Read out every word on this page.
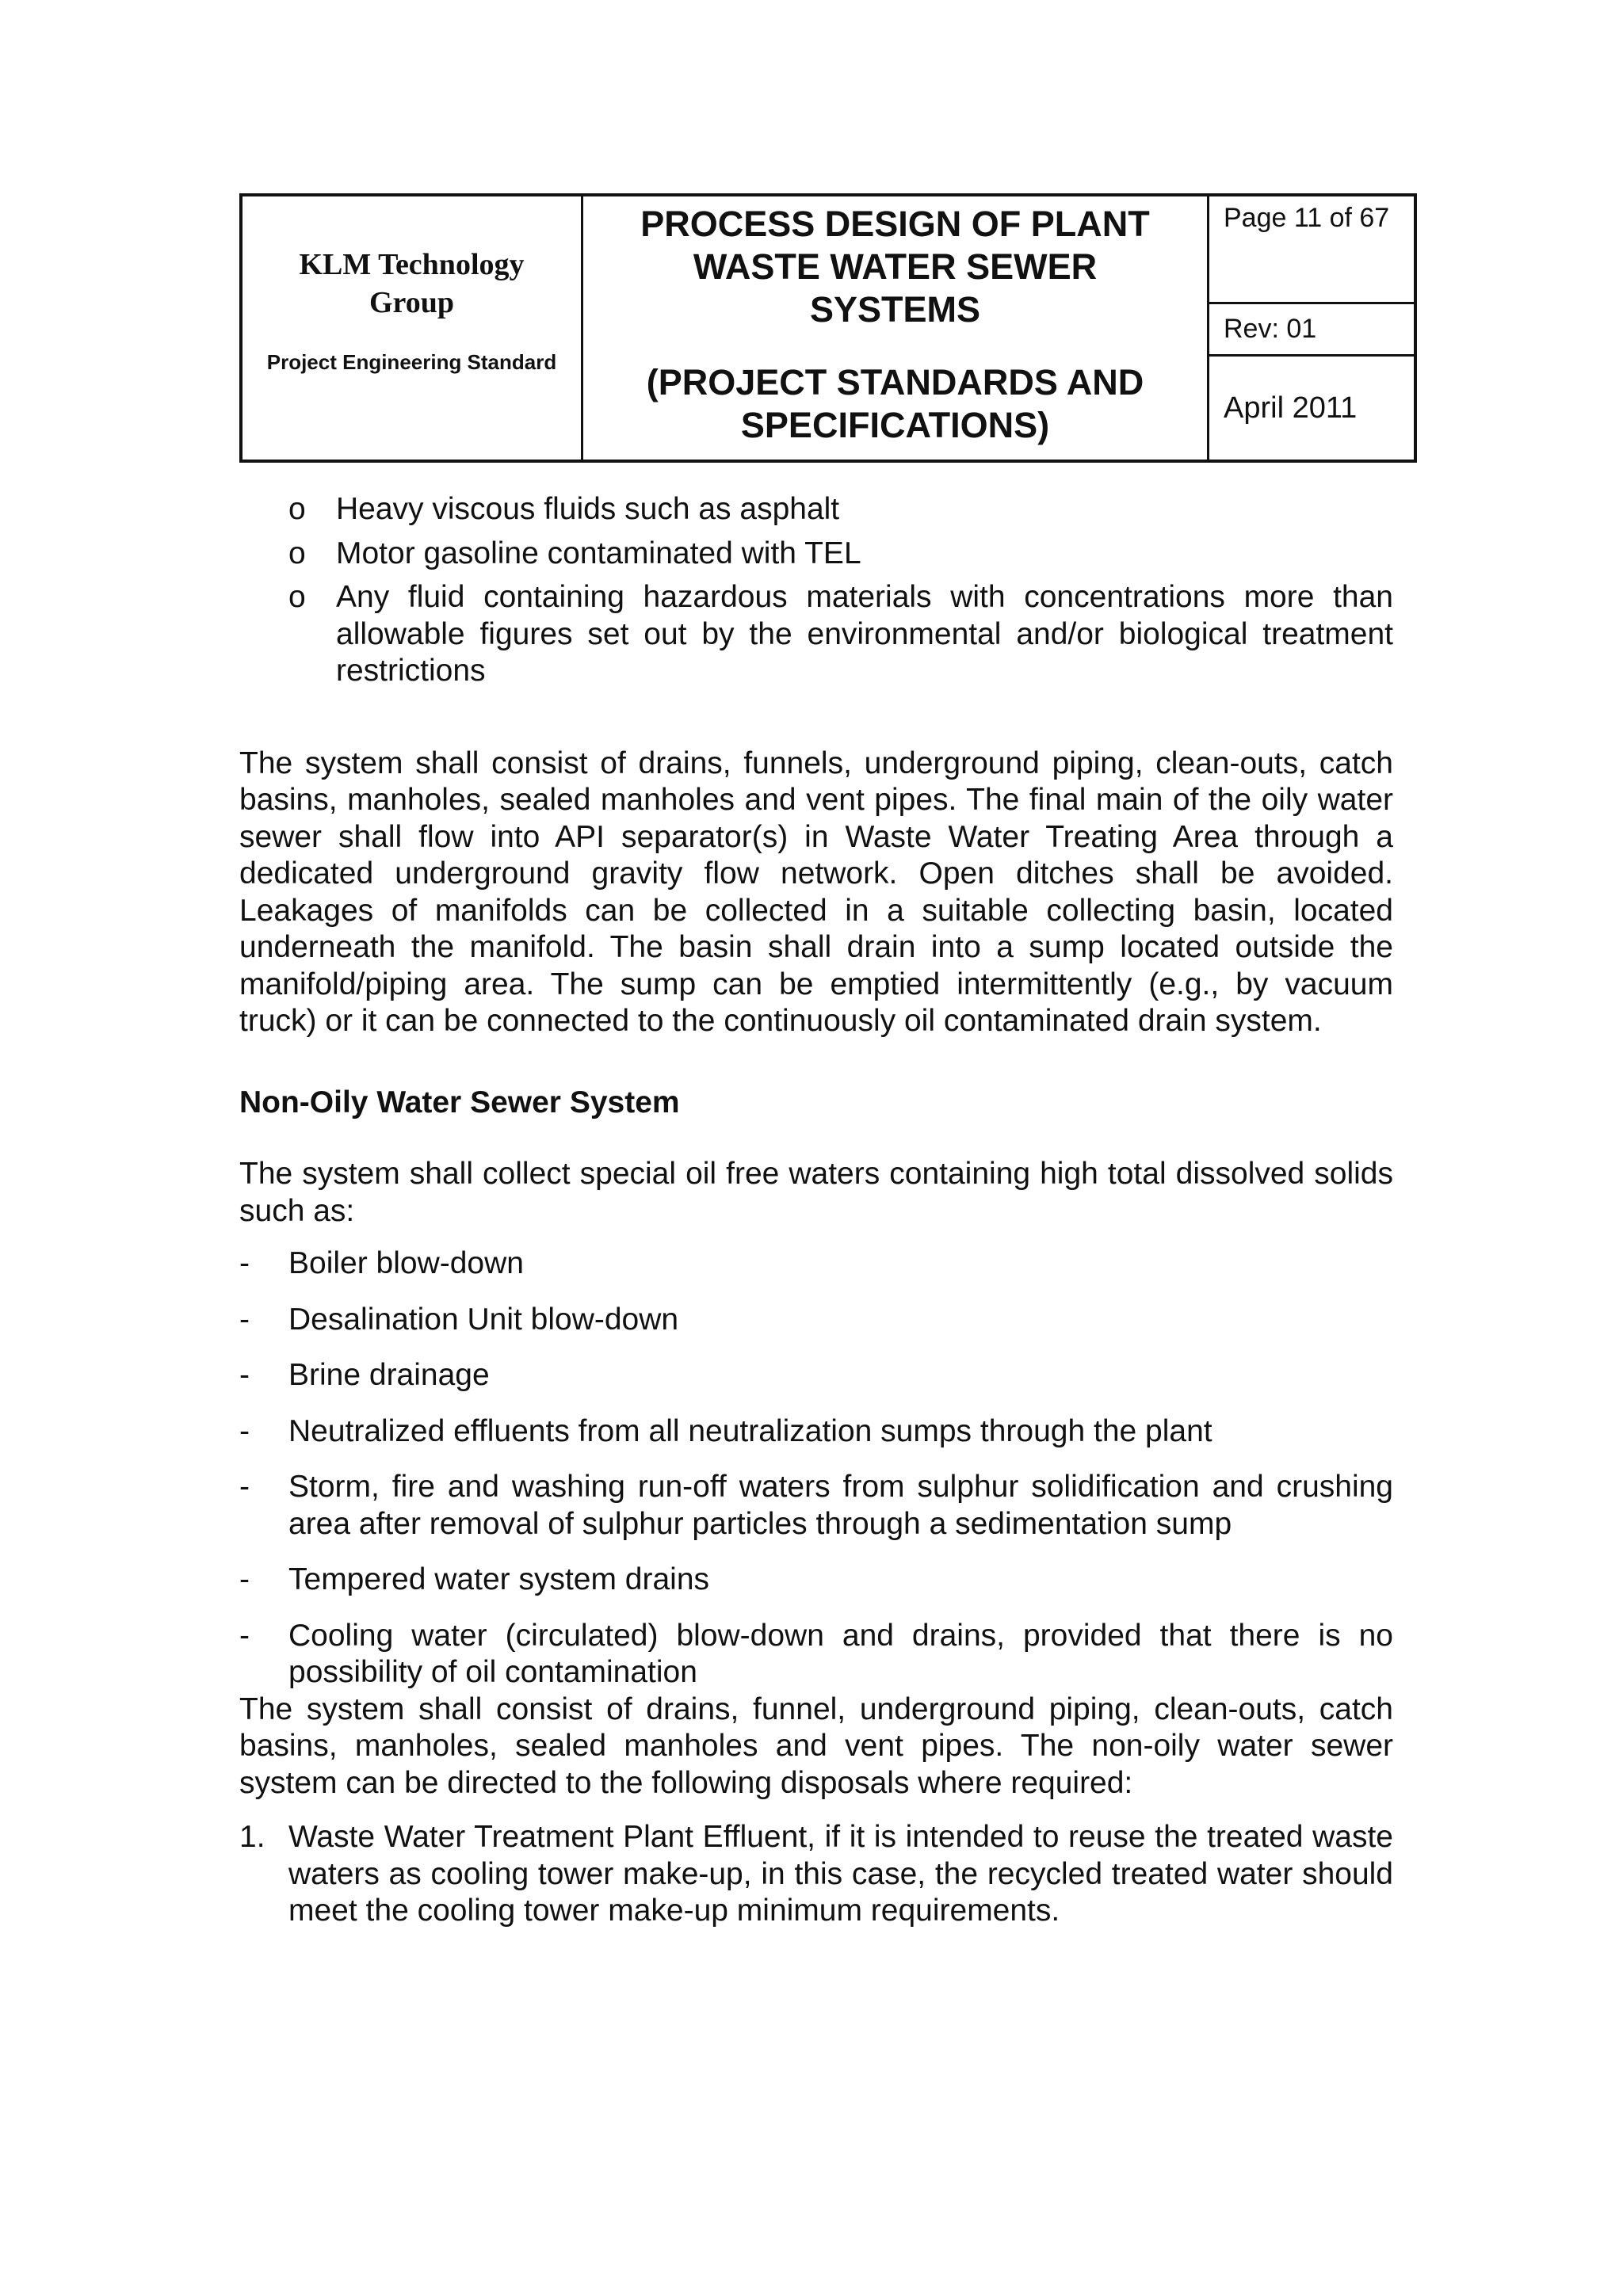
KLM Technology Group
Project Engineering Standard
PROCESS DESIGN OF PLANT WASTE WATER SEWER SYSTEMS
(PROJECT STANDARDS AND SPECIFICATIONS)
Page 11 of 67
Rev: 01
April 2011
o Heavy viscous fluids such as asphalt
o Motor gasoline contaminated with TEL
o Any fluid containing hazardous materials with concentrations more than allowable figures set out by the environmental and/or biological treatment restrictions

The system shall consist of drains, funnels, underground piping, clean-outs, catch basins, manholes, sealed manholes and vent pipes. The final main of the oily water sewer shall flow into API separator(s) in Waste Water Treating Area through a dedicated underground gravity flow network. Open ditches shall be avoided. Leakages of manifolds can be collected in a suitable collecting basin, located underneath the manifold. The basin shall drain into a sump located outside the manifold/piping area. The sump can be emptied intermittently (e.g., by vacuum truck) or it can be connected to the continuously oil contaminated drain system.

Non-Oily Water Sewer System

The system shall collect special oil free waters containing high total dissolved solids such as:

- Boiler blow-down
- Desalination Unit blow-down
- Brine drainage
- Neutralized effluents from all neutralization sumps through the plant
- Storm, fire and washing run-off waters from sulphur solidification and crushing area after removal of sulphur particles through a sedimentation sump
- Tempered water system drains
- Cooling water (circulated) blow-down and drains, provided that there is no possibility of oil contamination

The system shall consist of drains, funnel, underground piping, clean-outs, catch basins, manholes, sealed manholes and vent pipes. The non-oily water sewer system can be directed to the following disposals where required:

1. Waste Water Treatment Plant Effluent, if it is intended to reuse the treated waste waters as cooling tower make-up, in this case, the recycled treated water should meet the cooling tower make-up minimum requirements.
